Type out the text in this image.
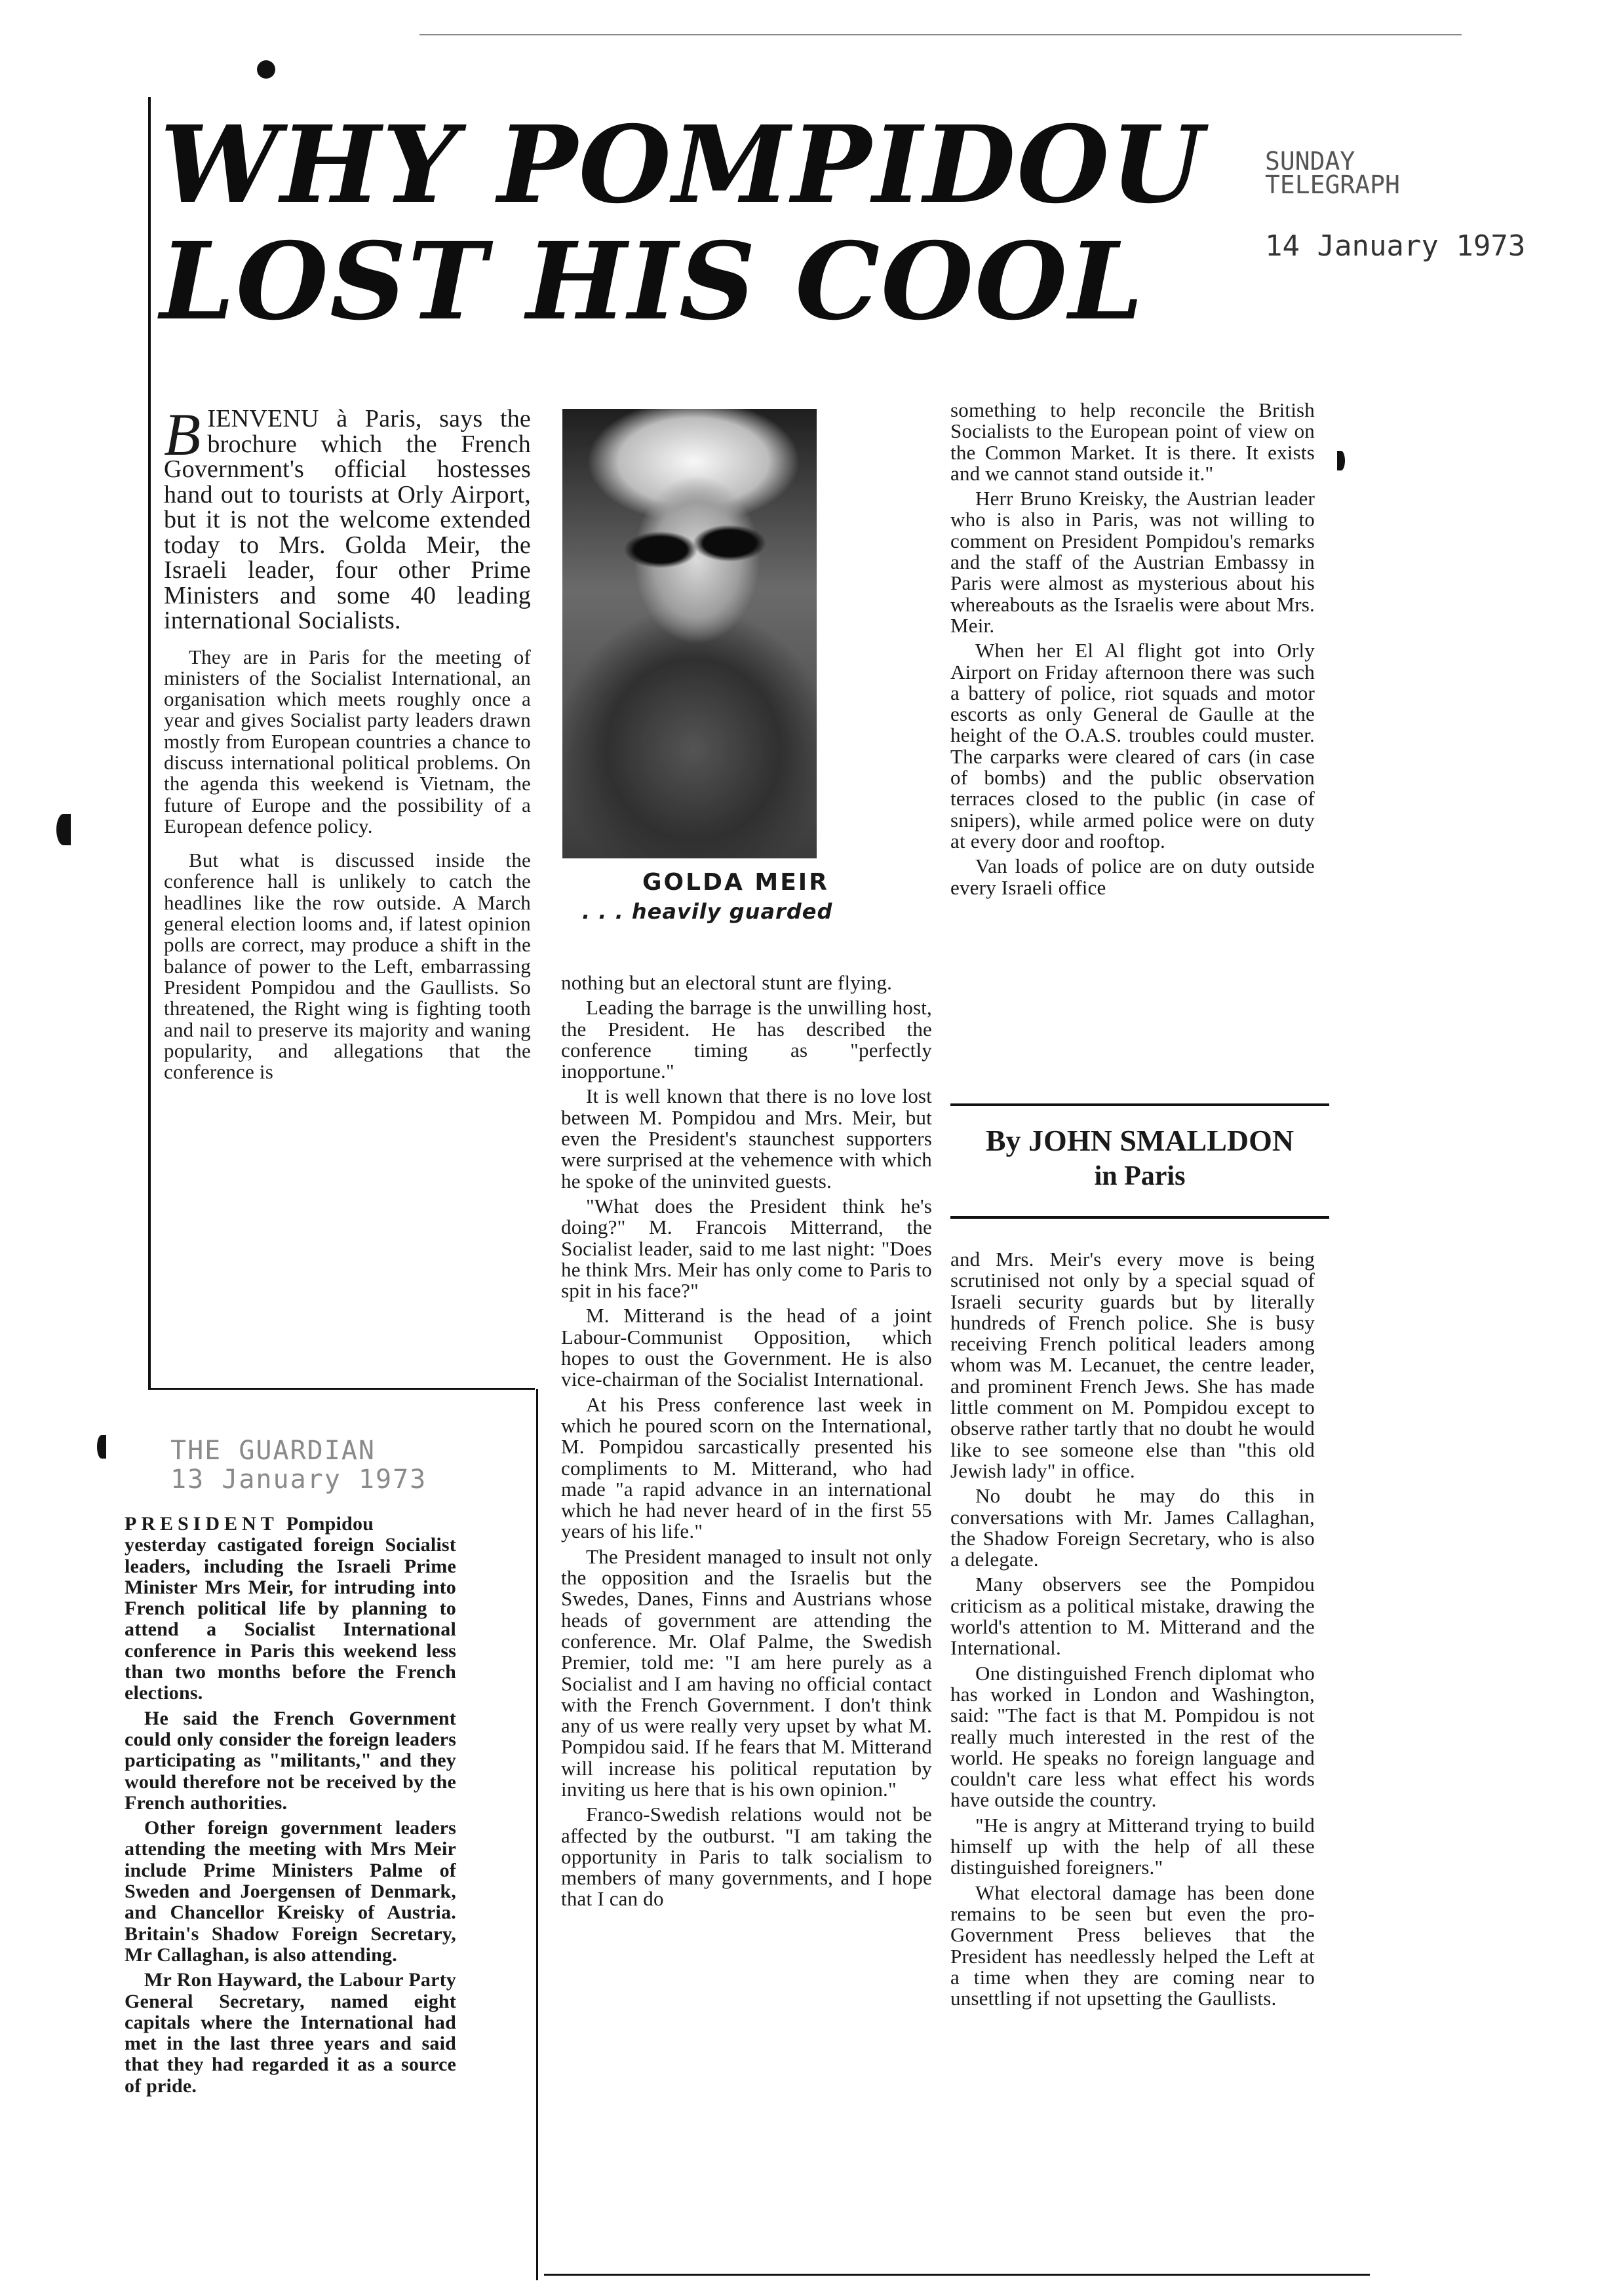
WHY POMPIDOU
LOST HIS COOL
SUNDAY
TELEGRAPH
14 January 1973

BIENVENU à Paris, says the brochure which the French Government's official hostesses hand out to tourists at Orly Airport, but it is not the welcome extended today to Mrs. Golda Meir, the Israeli leader, four other Prime Ministers and some 40 leading international Socialists.

They are in Paris for the meeting of ministers of the Socialist International, an organisation which meets roughly once a year and gives Socialist party leaders drawn mostly from European countries a chance to discuss international political problems. On the agenda this weekend is Vietnam, the future of Europe and the possibility of a European defence policy.

But what is discussed inside the conference hall is unlikely to catch the headlines like the row outside. A March general election looms and, if latest opinion polls are correct, may produce a shift in the balance of power to the Left, embarrassing President Pompidou and the Gaullists. So threatened, the Right wing is fighting tooth and nail to preserve its majority and waning popularity, and allegations that the conference is

GOLDA MEIR
. . . heavily guarded

nothing but an electoral stunt are flying.

Leading the barrage is the unwilling host, the President. He has described the conference timing as "perfectly inopportune."

It is well known that there is no love lost between M. Pompidou and Mrs. Meir, but even the President's staunchest supporters were surprised at the vehemence with which he spoke of the uninvited guests.

"What does the President think he's doing?" M. Francois Mitterrand, the Socialist leader, said to me last night: "Does he think Mrs. Meir has only come to Paris to spit in his face?"

M. Mitterand is the head of a joint Labour-Communist Opposition, which hopes to oust the Government. He is also vice-chairman of the Socialist International.

At his Press conference last week in which he poured scorn on the International, M. Pompidou sarcastically presented his compliments to M. Mitterand, who had made "a rapid advance in an international which he had never heard of in the first 55 years of his life."

The President managed to insult not only the opposition and the Israelis but the Swedes, Danes, Finns and Austrians whose heads of government are attending the conference. Mr. Olaf Palme, the Swedish Premier, told me: "I am here purely as a Socialist and I am having no official contact with the French Government. I don't think any of us were really very upset by what M. Pompidou said. If he fears that M. Mitterand will increase his political reputation by inviting us here that is his own opinion."

Franco-Swedish relations would not be affected by the outburst. "I am taking the opportunity in Paris to talk socialism to members of many governments, and I hope that I can do

something to help reconcile the British Socialists to the European point of view on the Common Market. It is there. It exists and we cannot stand outside it."

Herr Bruno Kreisky, the Austrian leader who is also in Paris, was not willing to comment on President Pompidou's remarks and the staff of the Austrian Embassy in Paris were almost as mysterious about his whereabouts as the Israelis were about Mrs. Meir.

When her El Al flight got into Orly Airport on Friday afternoon there was such a battery of police, riot squads and motor escorts as only General de Gaulle at the height of the O.A.S. troubles could muster. The carparks were cleared of cars (in case of bombs) and the public observation terraces closed to the public (in case of snipers), while armed police were on duty at every door and rooftop.

Van loads of police are on duty outside every Israeli office

By JOHN SMALLDON
in Paris

and Mrs. Meir's every move is being scrutinised not only by a special squad of Israeli security guards but by literally hundreds of French police. She is busy receiving French political leaders among whom was M. Lecanuet, the centre leader, and prominent French Jews. She has made little comment on M. Pompidou except to observe rather tartly that no doubt he would like to see someone else than "this old Jewish lady" in office.

No doubt he may do this in conversations with Mr. James Callaghan, the Shadow Foreign Secretary, who is also a delegate.

Many observers see the Pompidou criticism as a political mistake, drawing the world's attention to M. Mitterand and the International.

One distinguished French diplomat who has worked in London and Washington, said: "The fact is that M. Pompidou is not really much interested in the rest of the world. He speaks no foreign language and couldn't care less what effect his words have outside the country.

"He is angry at Mitterand trying to build himself up with the help of all these distinguished foreigners."

What electoral damage has been done remains to be seen but even the pro-Government Press believes that the President has needlessly helped the Left at a time when they are coming near to unsettling if not upsetting the Gaullists.

THE GUARDIAN
13 January 1973

PRESIDENT Pompidou yesterday castigated foreign Socialist leaders, including the Israeli Prime Minister Mrs Meir, for intruding into French political life by planning to attend a Socialist International conference in Paris this weekend less than two months before the French elections.

He said the French Government could only consider the foreign leaders participating as "militants," and they would therefore not be received by the French authorities.

Other foreign government leaders attending the meeting with Mrs Meir include Prime Ministers Palme of Sweden and Joergensen of Denmark, and Chancellor Kreisky of Austria. Britain's Shadow Foreign Secretary, Mr Callaghan, is also attending.

Mr Ron Hayward, the Labour Party General Secretary, named eight capitals where the International had met in the last three years and said that they had regarded it as a source of pride.
